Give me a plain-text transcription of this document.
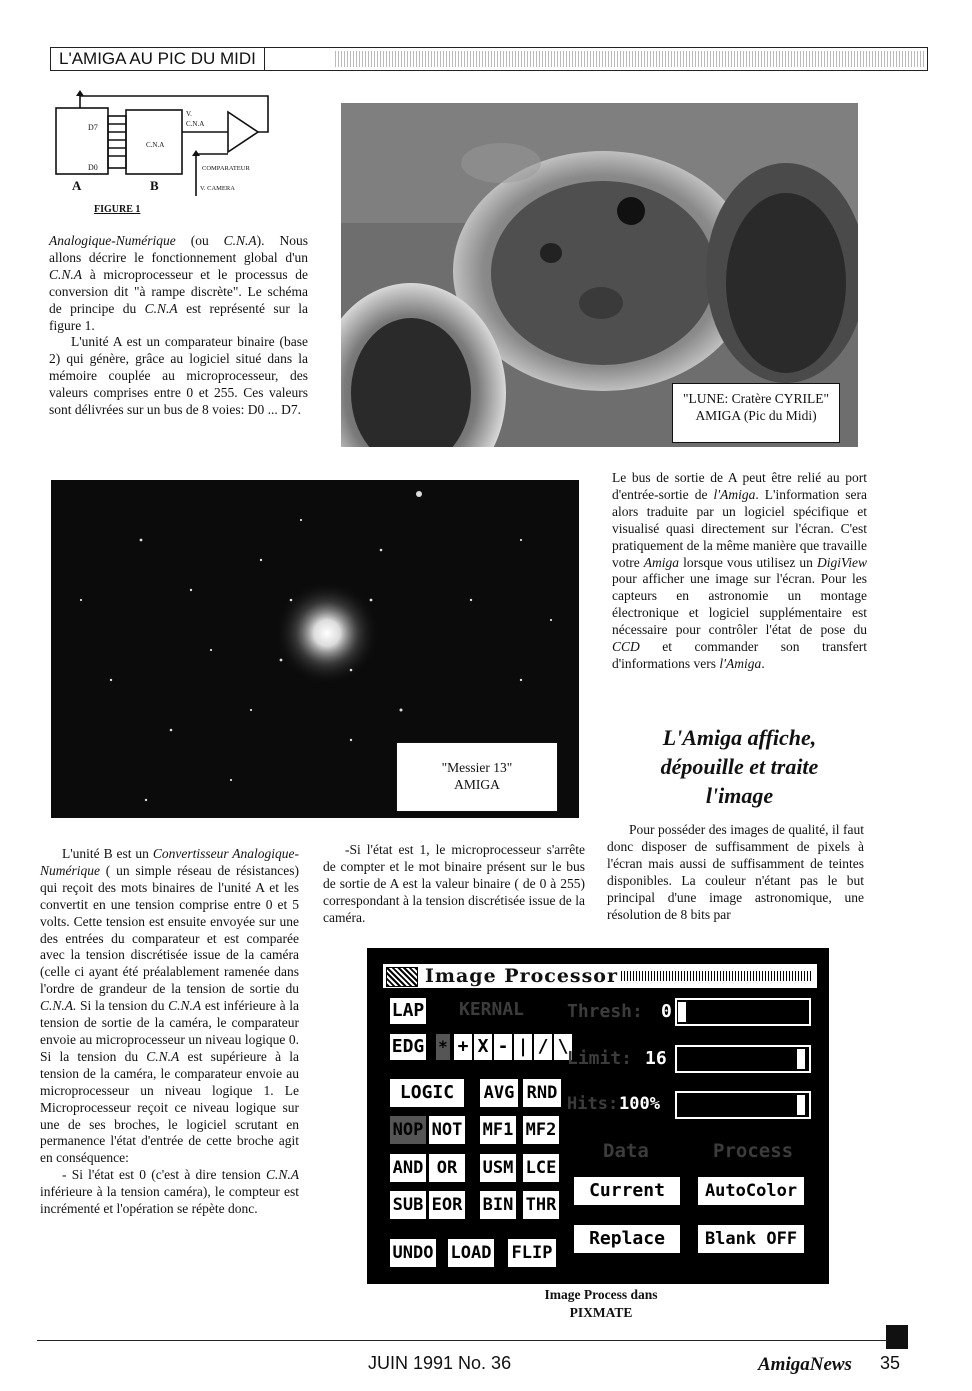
L'AMIGA AU PIC DU MIDI
D7
D0
C.N.A
V.
C.N.A
COMPARATEUR
V. CAMERA
A	B
FIGURE 1

Analogique-Numérique (ou C.N.A). Nous allons décrire le fonctionnement global d'un C.N.A à microprocesseur et le processus de conversion dit "à rampe discrète". Le schéma de principe du C.N.A est représenté sur la figure 1.

L'unité A est un comparateur binaire (base 2) qui génère, grâce au logiciel situé dans la mémoire couplée au microprocesseur, des valeurs comprises entre 0 et 255. Ces valeurs sont délivrées sur un bus de 8 voies: D0 ... D7.

"LUNE: Cratère CYRILE"
AMIGA (Pic du Midi)
"Messier 13"
AMIGA

Le bus de sortie de A peut être relié au port d'entrée-sortie de l'Amiga. L'information sera alors traduite par un logiciel spécifique et visualisé quasi directement sur l'écran. C'est pratiquement de la même manière que travaille votre Amiga lorsque vous utilisez un DigiView pour afficher une image sur l'écran. Pour les capteurs en astronomie un montage électronique et logiciel supplémentaire est nécessaire pour contrôler l'état de pose du CCD et commander son transfert d'informations vers l'Amiga.

L'Amiga affiche,
dépouille et traite
l'image

Pour posséder des images de qualité, il faut donc disposer de suffisamment de pixels à l'écran mais aussi de suffisamment de teintes disponibles. La couleur n'étant pas le but principal d'une image astronomique, une résolution de 8 bits par

L'unité B est un Convertisseur Analogique-Numérique ( un simple réseau de résistances) qui reçoit des mots binaires de l'unité A et les convertit en une tension comprise entre 0 et 5 volts. Cette tension est ensuite envoyée sur une des entrées du comparateur et est comparée avec la tension discrétisée issue de la caméra (celle ci ayant été préalablement ramenée dans l'ordre de grandeur de la tension de sortie du C.N.A. Si la tension du C.N.A est inférieure à la tension de sortie de la caméra, le comparateur envoie au microprocesseur un niveau logique 0. Si la tension du C.N.A est supérieure à la tension de la caméra, le comparateur envoie au microprocesseur un niveau logique 1. Le Microprocesseur reçoit ce niveau logique sur une de ses broches, le logiciel scrutant en permanence l'état d'entrée de cette broche agit en conséquence:

- Si l'état est 0 (c'est à dire tension C.N.A inférieure à la tension caméra), le compteur est incrémenté et l'opération se répète donc.

-Si l'état est 1, le microprocesseur s'arrête de compter et le mot binaire présent sur le bus de sortie de A est la valeur binaire ( de 0 à 255) correspondant à la tension discrétisée issue de la caméra.

Image Processor
LAP KERNAL
EDG * + X - | / \
LOGIC	AVG RND
NOP NOT MF1 MF2
AND OR	USM LCE
SUB EOR BIN THR
UNDO LOAD FLIP
Thresh: 0
Limit: 16
Hits: 100%
Data	Process
Current	AutoColor
Replace	Blank OFF
Image Process dans
PIXMATE
JUIN 1991 No. 36	AmigaNews 35
